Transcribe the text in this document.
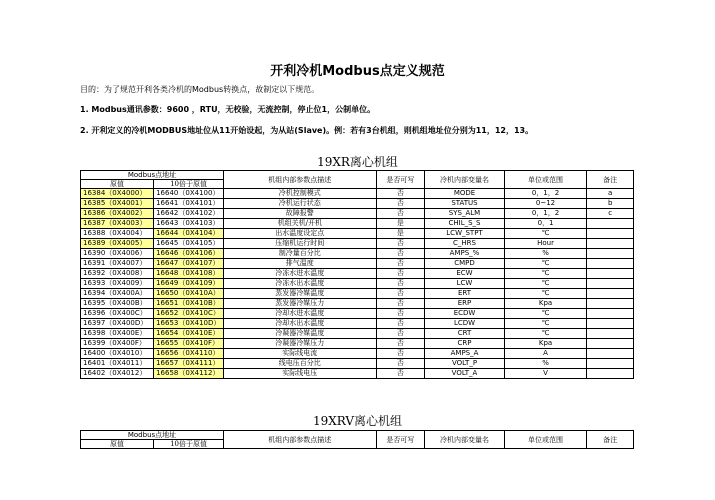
开利冷机Modbus点定义规范
目的：为了规范开利各类冷机的Modbus转换点，故制定以下规范。
1. Modbus通讯参数：9600 ，RTU，无校验，无流控制，停止位1，公制单位。
2. 开利定义的冷机MODBUS地址位从11开始设起，为从站(Slave)。例：若有3台机组，则机组地址位分别为11，12，13。
19XR离心机组
Modbus点地址		机组内部参数点描述	是否可写	冷机内部变量名	单位或范围	备注
原值	10倍于原值					
16384（0X4000）	16640（0X4100）	冷机控制模式	否	MODE	0，1，2	a
16385（0X4001）	16641（0X4101）	冷机运行状态	否	STATUS	0~12	b
16386（0X4002）	16642（0X4102）	故障报警	否	SYS_ALM	0，1，2	c
16387（0X4003）	16643（0X4103）	机组关机/开机	是	CHIL_S_S	0，1	
16388（0X4004）	16644（0X4104）	出水温度设定点	是	LCW_STPT	℃	
16389（0X4005）	16645（0X4105）	压缩机运行时间	否	C_HRS	Hour	
16390（0X4006）	16646（0X4106）	制冷量百分比	否	AMPS_%	%	
16391（0X4007）	16647（0X4107）	排气温度	否	CMPD	℃	
16392（0X4008）	16648（0X4108）	冷冻水进水温度	否	ECW	℃	
16393（0X4009）	16649（0X4109）	冷冻水出水温度	否	LCW	℃	
16394（0X400A）	16650（0X410A）	蒸发器冷媒温度	否	ERT	℃	
16395（0X400B）	16651（0X410B）	蒸发器冷媒压力	否	ERP	Kpa	
16396（0X400C）	16652（0X410C）	冷却水进水温度	否	ECDW	℃	
16397（0X400D）	16653（0X410D）	冷却水出水温度	否	LCDW	℃	
16398（0X400E）	16654（0X410E）	冷凝器冷媒温度	否	CRT	℃	
16399（0X400F）	16655（0X410F）	冷凝器冷媒压力	否	CRP	Kpa	
16400（0X4010）	16656（0X4110）	实际线电流	否	AMPS_A	A	
16401（0X4011）	16657（0X4111）	线电压百分比	否	VOLT_P	%	
16402（0X4012）	16658（0X4112）	实际线电压	否	VOLT_A	V	
19XRV离心机组
Modbus点地址		机组内部参数点描述	是否可写	冷机内部变量名	单位或范围	备注
原值	10倍于原值					
